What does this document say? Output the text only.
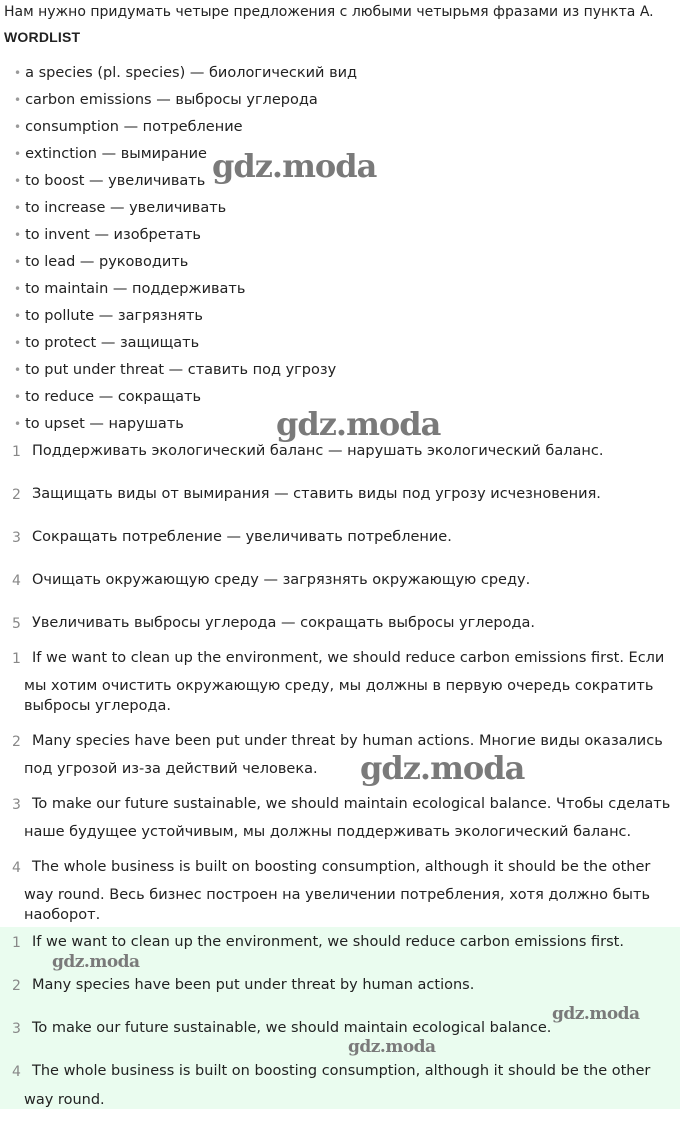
Нам нужно придумать четыре предложения с любыми четырьмя фразами из пункта A.
WORDLIST
• a species (pl. species) — биологический вид
• carbon emissions — выбросы углерода
• consumption — потребление
• extinction — вымирание
• to boost — увеличивать
• to increase — увеличивать
• to invent — изобретать
• to lead — руководить
• to maintain — поддерживать
• to pollute — загрязнять
• to protect — защищать
• to put under threat — ставить под угрозу
• to reduce — сокращать
• to upset — нарушать
1 Поддерживать экологический баланс — нарушать экологический баланс.
2 Защищать виды от вымирания — ставить виды под угрозу исчезновения.
3 Сокращать потребление — увеличивать потребление.
4 Очищать окружающую среду — загрязнять окружающую среду.
5 Увеличивать выбросы углерода — сокращать выбросы углерода.
1 If we want to clean up the environment, we should reduce carbon emissions first. Если
мы хотим очистить окружающую среду, мы должны в первую очередь сократить
выбросы углерода.
2 Many species have been put under threat by human actions. Многие виды оказались
под угрозой из-за действий человека.
3 To make our future sustainable, we should maintain ecological balance. Чтобы сделать
наше будущее устойчивым, мы должны поддерживать экологический баланс.
4 The whole business is built on boosting consumption, although it should be the other
way round. Весь бизнес построен на увеличении потребления, хотя должно быть
наоборот.
1 If we want to clean up the environment, we should reduce carbon emissions first.
2 Many species have been put under threat by human actions.
3 To make our future sustainable, we should maintain ecological balance.
4 The whole business is built on boosting consumption, although it should be the other
way round.
gdz.moda
gdz.moda
gdz.moda
gdz.moda
gdz.moda
gdz.moda
